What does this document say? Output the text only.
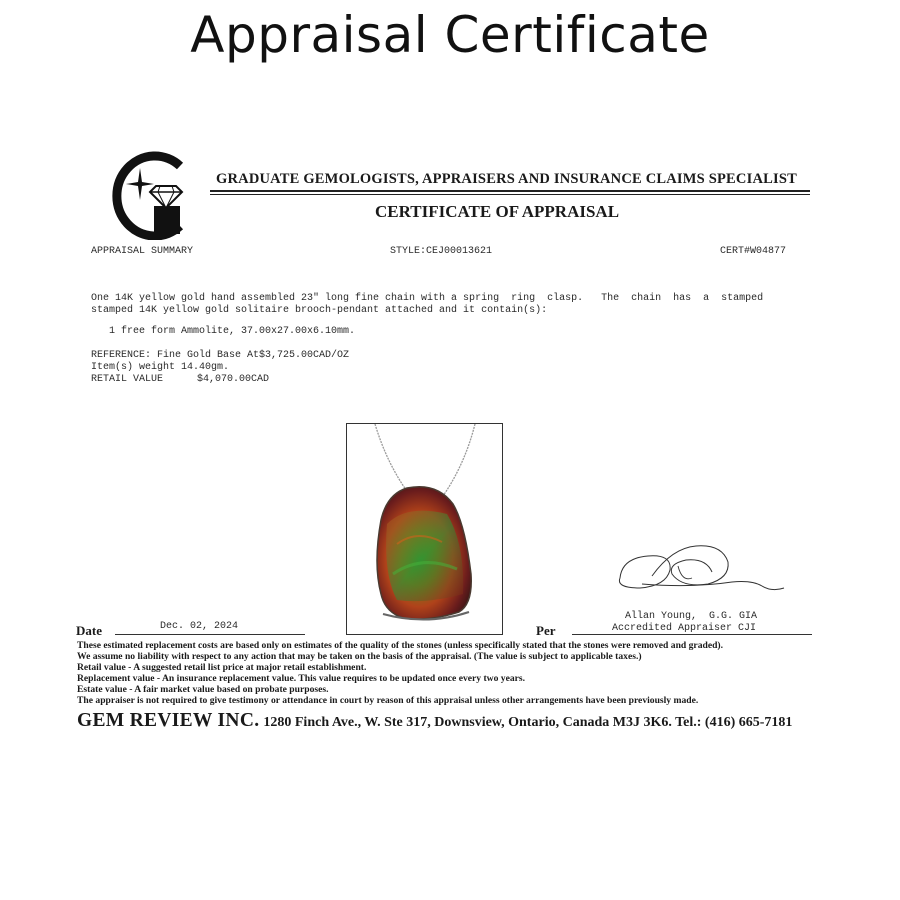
Appraisal Certificate
GRADUATE GEMOLOGISTS, APPRAISERS AND INSURANCE CLAIMS SPECIALIST
CERTIFICATE OF APPRAISAL
APPRAISAL SUMMARY	STYLE:CEJ00013621	CERT#W04877
One 14K yellow gold hand assembled 23" long fine chain with a spring  ring  clasp.   The  chain  has  a  stamped
stamped 14K yellow gold solitaire brooch-pendant attached and it contain(s):
1 free form Ammolite, 37.00x27.00x6.10mm.
REFERENCE: Fine Gold Base At$3,725.00CAD/OZ
Item(s) weight 14.40gm.
RETAIL VALUE	$4,070.00CAD
Allan Young,  G.G. GIA
Accredited Appraiser CJI
Date	Dec. 02, 2024	Per
These estimated replacement costs are based only on estimates of the quality of the stones (unless specifically stated that the stones were removed and graded).
We assume no liability with respect to any action that may be taken on the basis of the appraisal. (The value is subject to applicable taxes.)
Retail value - A suggested retail list price at major retail establishment.
Replacement value - An insurance replacement value. This value requires to be updated once every two years.
Estate value - A fair market value based on probate purposes.
The appraiser is not required to give testimony or attendance in court by reason of this appraisal unless other arrangements have been previously made.
GEM REVIEW INC. 1280 Finch Ave., W. Ste 317, Downsview, Ontario, Canada M3J 3K6. Tel.: (416) 665-7181
